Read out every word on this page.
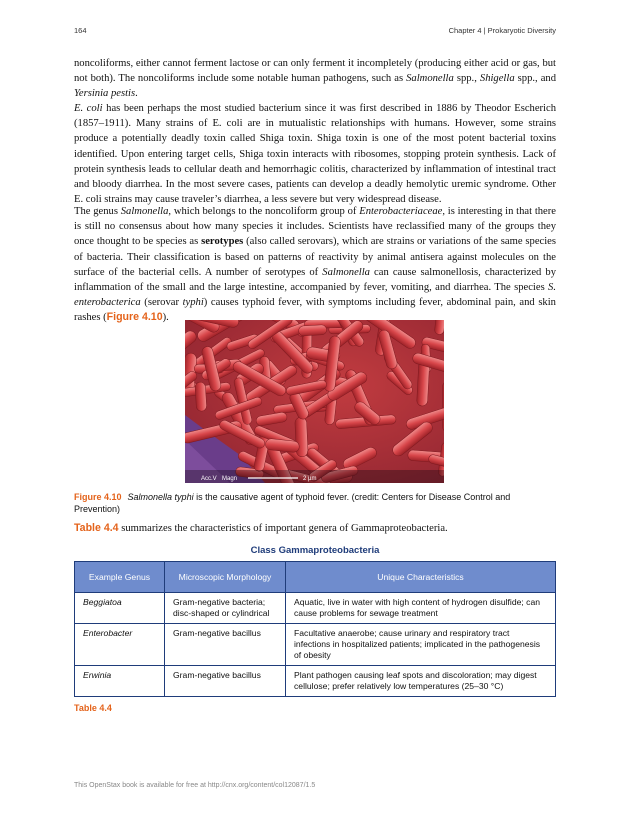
164	Chapter 4 | Prokaryotic Diversity

noncoliforms, either cannot ferment lactose or can only ferment it incompletely (producing either acid or gas, but not both). The noncoliforms include some notable human pathogens, such as Salmonella spp., Shigella spp., and Yersinia pestis.

E. coli has been perhaps the most studied bacterium since it was first described in 1886 by Theodor Escherich (1857–1911). Many strains of E. coli are in mutualistic relationships with humans. However, some strains produce a potentially deadly toxin called Shiga toxin. Shiga toxin is one of the most potent bacterial toxins identified. Upon entering target cells, Shiga toxin interacts with ribosomes, stopping protein synthesis. Lack of protein synthesis leads to cellular death and hemorrhagic colitis, characterized by inflammation of intestinal tract and bloody diarrhea. In the most severe cases, patients can develop a deadly hemolytic uremic syndrome. Other E. coli strains may cause traveler’s diarrhea, a less severe but very widespread disease.

The genus Salmonella, which belongs to the noncoliform group of Enterobacteriaceae, is interesting in that there is still no consensus about how many species it includes. Scientists have reclassified many of the groups they once thought to be species as serotypes (also called serovars), which are strains or variations of the same species of bacteria. Their classification is based on patterns of reactivity by animal antisera against molecules on the surface of the bacterial cells. A number of serotypes of Salmonella can cause salmonellosis, characterized by inflammation of the small and the large intestine, accompanied by fever, vomiting, and diarrhea. The species S. enterobacterica (serovar typhi) causes typhoid fever, with symptoms including fever, abdominal pain, and skin rashes (Figure 4.10).

Acc.V Magn	2 µm
Figure 4.10 Salmonella typhi is the causative agent of typhoid fever. (credit: Centers for Disease Control and Prevention)

Table 4.4 summarizes the characteristics of important genera of Gammaproteobacteria.

Class Gammaproteobacteria
Example Genus	Microscopic Morphology	Unique Characteristics
Beggiatoa	Gram-negative bacteria; disc-shaped or cylindrical	Aquatic, live in water with high content of hydrogen disulfide; can cause problems for sewage treatment
Enterobacter	Gram-negative bacillus	Facultative anaerobe; cause urinary and respiratory tract infections in hospitalized patients; implicated in the pathogenesis of obesity
Erwinia	Gram-negative bacillus	Plant pathogen causing leaf spots and discoloration; may digest cellulose; prefer relatively low temperatures (25–30 °C)
Table 4.4
This OpenStax book is available for free at http://cnx.org/content/col12087/1.5
